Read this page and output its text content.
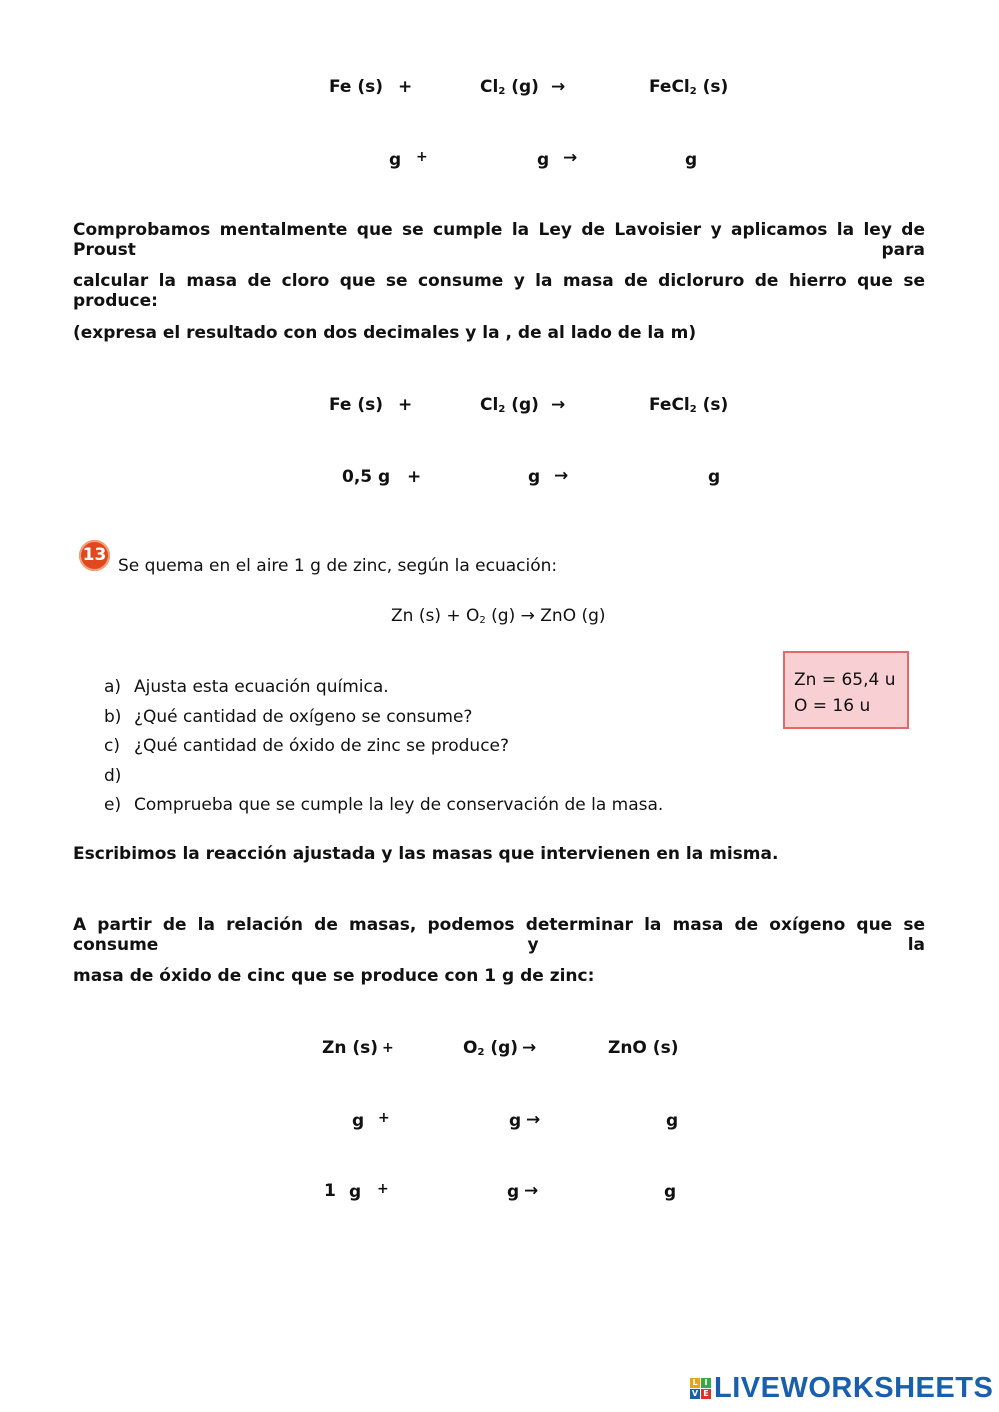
Fe (s) +	$Cl_2$ (g) →	FeCl$_2$ (s)
g +	g →	g
Comprobamos mentalmente que se cumple la Ley de Lavoisier y aplicamos la ley de Proust para
calcular la masa de cloro que se consume y la masa de dicloruro de hierro que se produce:
(expresa el resultado con dos decimales y la , de al lado de la m)
Fe (s) +	$Cl_2$ (g) →	FeCl$_2$ (s)
0,5 g +	g →	g
13
Se quema en el aire 1 g de zinc, según la ecuación:
Zn $(s) + O_2$ (g) → ZnO (g)
a) Ajusta esta ecuación química.
b) ¿Qué cantidad de oxígeno se consume?
c) ¿Qué cantidad de óxido de zinc se produce?
d)
e) Comprueba que se cumple la ley de conservación de la masa.
Zn = 65,4 u
O = 16 u
Escribimos la reacción ajustada y las masas que intervienen en la misma.
A partir de la relación de masas, podemos determinar la masa de oxígeno que se consume y la
masa de óxido de cinc que se produce con 1 g de zinc:
Zn (s) +	$O_2$ (g) →	ZnO (s)
g +	g →	g
1 g +	g →	g
L I
V E LIVEWORKSHEETS
